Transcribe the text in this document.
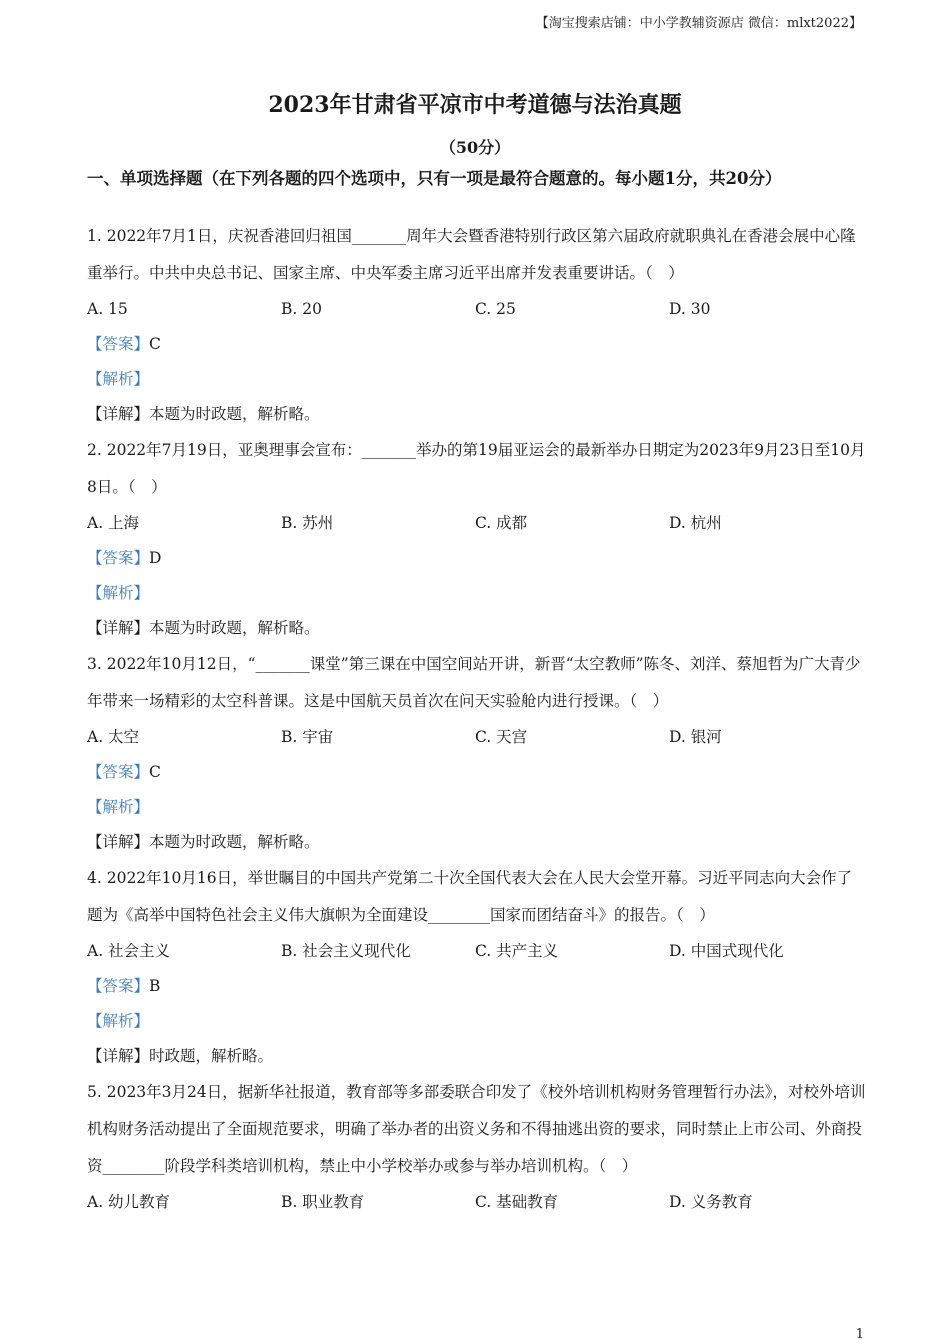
【淘宝搜索店铺：中小学教辅资源店 微信：mlxt2022】
2023年甘肃省平凉市中考道德与法治真题
（50分）
一、单项选择题（在下列各题的四个选项中，只有一项是最符合题意的。每小题1分，共20分）

1. 2022年7月1日，庆祝香港回归祖国_______周年大会暨香港特别行政区第六届政府就职典礼在香港会展中心隆重举行。中共中央总书记、国家主席、中央军委主席习近平出席并发表重要讲话。（　）

A. 15	B. 20	C. 25	D. 30
【答案】C
【解析】
【详解】本题为时政题，解析略。

2. 2022年7月19日，亚奥理事会宣布：_______举办的第19届亚运会的最新举办日期定为2023年9月23日至10月8日。（　）

A. 上海	B. 苏州	C. 成都	D. 杭州
【答案】D
【解析】
【详解】本题为时政题，解析略。

3. 2022年10月12日，“_______课堂”第三课在中国空间站开讲，新晋“太空教师”陈冬、刘洋、蔡旭哲为广大青少年带来一场精彩的太空科普课。这是中国航天员首次在问天实验舱内进行授课。（　）

A. 太空	B. 宇宙	C. 天宫	D. 银河
【答案】C
【解析】
【详解】本题为时政题，解析略。

4. 2022年10月16日，举世瞩目的中国共产党第二十次全国代表大会在人民大会堂开幕。习近平同志向大会作了题为《高举中国特色社会主义伟大旗帜为全面建设________国家而团结奋斗》的报告。（　）

A. 社会主义	B. 社会主义现代化	C. 共产主义	D. 中国式现代化
【答案】B
【解析】
【详解】时政题，解析略。

5. 2023年3月24日，据新华社报道，教育部等多部委联合印发了《校外培训机构财务管理暂行办法》，对校外培训机构财务活动提出了全面规范要求，明确了举办者的出资义务和不得抽逃出资的要求，同时禁止上市公司、外商投资________阶段学科类培训机构，禁止中小学校举办或参与举办培训机构。（　）

A. 幼儿教育	B. 职业教育	C. 基础教育	D. 义务教育
1
